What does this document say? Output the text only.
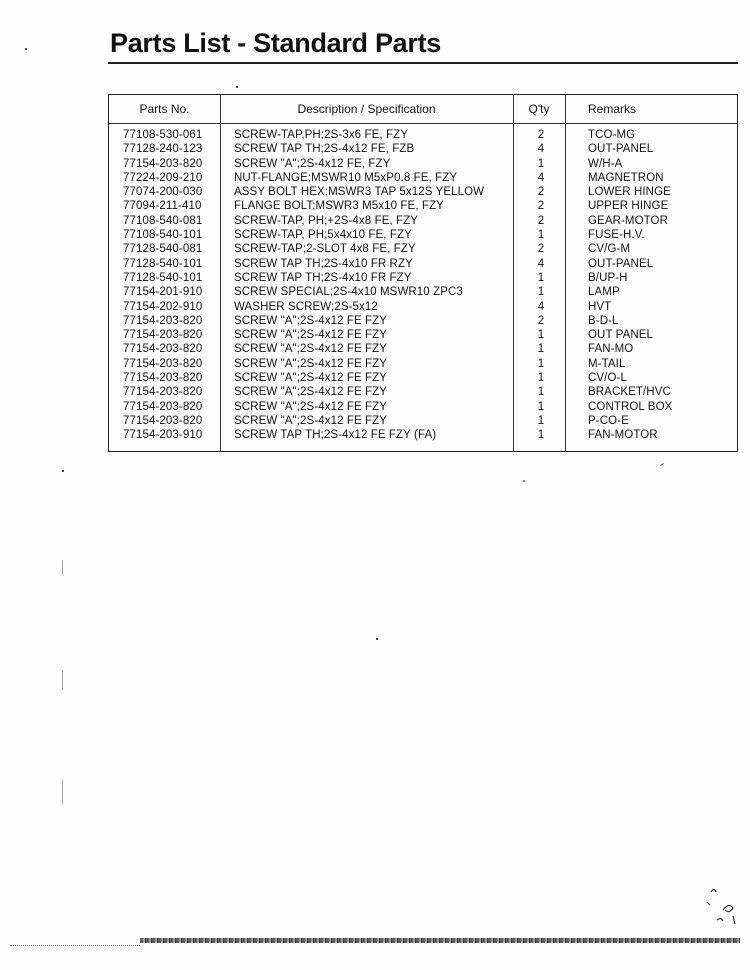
Parts List - Standard Parts
Parts No.	Description / Specification	Q'ty	Remarks
77108-530-061	SCREW-TAP,PH;2S-3x6 FE, FZY	2	TCO-MG
77128-240-123	SCREW TAP TH;2S-4x12 FE, FZB	4	OUT-PANEL
77154-203-820	SCREW "A";2S-4x12 FE, FZY	1	W/H-A
77224-209-210	NUT-FLANGE;MSWR10 M5xP0.8 FE, FZY	4	MAGNETRON
77074-200-030	ASSY BOLT HEX;MSWR3 TAP 5x12S YELLOW	2	LOWER HINGE
77094-211-410	FLANGE BOLT;MSWR3 M5x10 FE, FZY	2	UPPER HINGE
77108-540-081	SCREW-TAP, PH;+2S-4x8 FE, FZY	2	GEAR-MOTOR
77108-540-101	SCREW-TAP, PH;5x4x10 FE, FZY	1	FUSE-H.V.
77128-540-081	SCREW-TAP;2-SLOT 4x8 FE, FZY	2	CV/G-M
77128-540-101	SCREW TAP TH;2S-4x10 FR RZY	4	OUT-PANEL
77128-540-101	SCREW TAP TH;2S-4x10 FR FZY	1	B/UP-H
77154-201-910	SCREW SPECIAL;2S-4x10 MSWR10 ZPC3	1	LAMP
77154-202-910	WASHER SCREW;2S-5x12	4	HVT
77154-203-820	SCREW "A";2S-4x12 FE FZY	2	B-D-L
77154-203-820	SCREW "A";2S-4x12 FE FZY	1	OUT PANEL
77154-203-820	SCREW "A";2S-4x12 FE FZY	1	FAN-MO
77154-203-820	SCREW "A";2S-4x12 FE FZY	1	M-TAIL
77154-203-820	SCREW "A";2S-4x12 FE FZY	1	CV/O-L
77154-203-820	SCREW "A";2S-4x12 FE FZY	1	BRACKET/HVC
77154-203-820	SCREW "A";2S-4x12 FE FZY	1	CONTROL BOX
77154-203-820	SCREW "A";2S-4x12 FE FZY	1	P-CO-E
77154-203-910	SCREW TAP TH;2S-4x12 FE FZY (FA)	1	FAN-MOTOR
